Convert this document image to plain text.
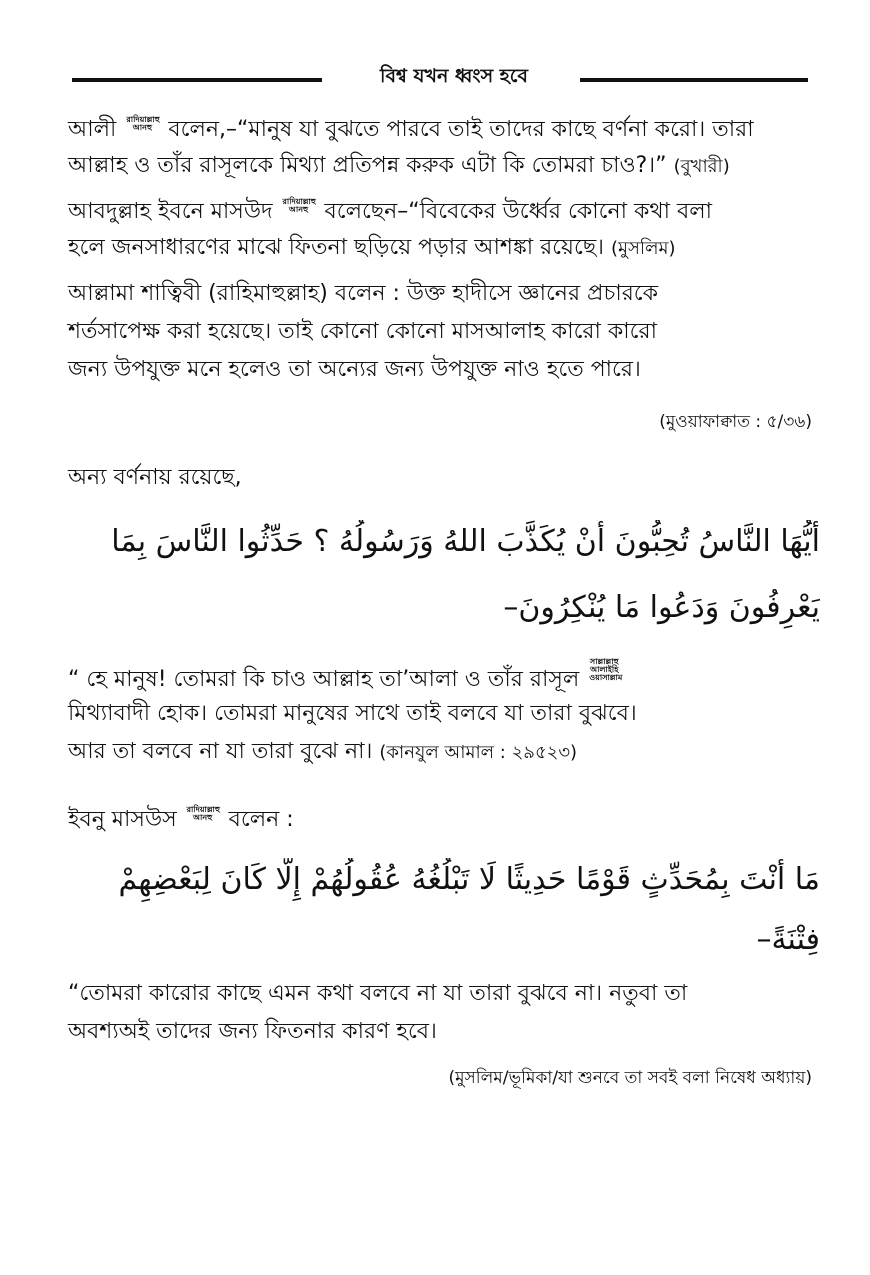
বিশ্ব যখন ধ্বংস হবে

আলী রাদিয়াল্লাহু আনহু বলেন,–“মানুষ যা বুঝতে পারবে তাই তাদের কাছে বর্ণনা করো। তারা

আল্লাহ ও তাঁর রাসূলকে মিথ্যা প্রতিপন্ন করুক এটা কি তোমরা চাও?।” (বুখারী)

আবদুল্লাহ ইবনে মাসউদ রাদিয়াল্লাহু আনহু বলেছেন–“বিবেকের উর্ধ্বের কোনো কথা বলা

হলে জনসাধারণের মাঝে ফিতনা ছড়িয়ে পড়ার আশঙ্কা রয়েছে। (মুসলিম)

আল্লামা শাত্বিবী (রাহিমাহুল্লাহ) বলেন : উক্ত হাদীসে জ্ঞানের প্রচারকে

শর্তসাপেক্ষ করা হয়েছে। তাই কোনো কোনো মাসআলাহ কারো কারো

জন্য উপযুক্ত মনে হলেও তা অন্যের জন্য উপযুক্ত নাও হতে পারে।

(মুওয়াফাক্বাত : ৫/৩৬)

অন্য বর্ণনায় রয়েছে,

أَيُّهَا النَّاسُ تُحِبُّونَ أَنْ يُكَذَّبَ اللهُ وَرَسُولُهُ ؟ حَدِّثُوا النَّاسَ بِمَا

يَعْرِفُونَ وَدَعُوا مَا يُنْكِرُونَ–

“ হে মানুষ! তোমরা কি চাও আল্লাহ তা’আলা ও তাঁর রাসূল সাল্লাল্লাহু আলাইহি ওয়াসাল্লাম

মিথ্যাবাদী হোক। তোমরা মানুষের সাথে তাই বলবে যা তারা বুঝবে।

আর তা বলবে না যা তারা বুঝে না। (কানযুল আমাল : ২৯৫২৩)

ইবনু মাসউস রাদিয়াল্লাহু আনহু বলেন :

مَا أَنْتَ بِمُحَدِّثٍ قَوْمًا حَدِيثًا لَا تَبْلُغُهُ عُقُولُهُمْ إِلَّا كَانَ لِبَعْضِهِمْ

فِتْنَةً–

“তোমরা কারোর কাছে এমন কথা বলবে না যা তারা বুঝবে না। নতুবা তা

অবশ্যঅই তাদের জন্য ফিতনার কারণ হবে।

(মুসলিম/ভূমিকা/যা শুনবে তা সবই বলা নিষেধ অধ্যায়)
